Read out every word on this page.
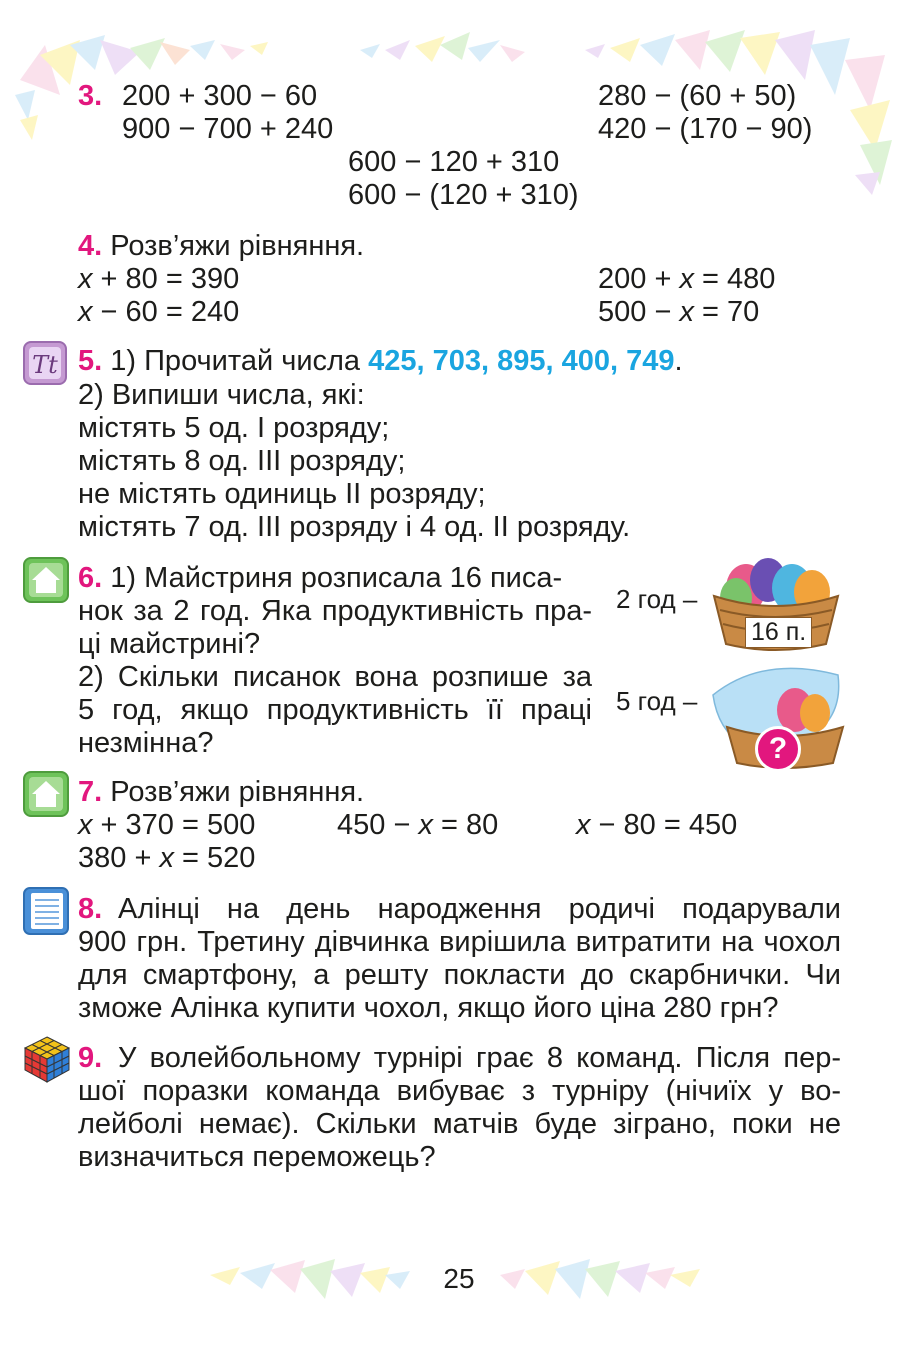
3. 200 + 300 − 60
900 − 700 + 240
280 − (60 + 50)
420 − (170 − 90)
600 − 120 + 310
600 − (120 + 310)
4. Розв’яжи рівняння.
x + 80 = 390
x − 60 = 240
200 + x = 480
500 − x = 70
Tt 5. 1) Прочитай числа 425, 703, 895, 400, 749.
2) Випиши числа, які:
містять 5 од. I розряду;
містять 8 од. III розряду;
не містять одиниць II розряду;
містять 7 од. III розряду і 4 од. II розряду.
6. 1) Майстриня розписала 16 писа-
нок за 2 год. Яка продуктивність пра-
ці майстрині?
2) Скільки писанок вона розпише за
5 год, якщо продуктивність її праці
незмінна?
2 год –
5 год –
16 п.
?
7. Розв’яжи рівняння.
x + 370 = 500	450 − x = 80	x − 80 = 450
380 + x = 520
8. Алінці на день народження родичі подарували
900 грн. Третину дівчинка вирішила витратити на чохол
для смартфону, а решту покласти до скарбнички. Чи
зможе Алінка купити чохол, якщо його ціна 280 грн?
9. У волейбольному турнірі грає 8 команд. Після пер-
шої поразки команда вибуває з турніру (нічиїх у во-
лейболі немає). Скільки матчів буде зіграно, поки не
визначиться переможець?
25
